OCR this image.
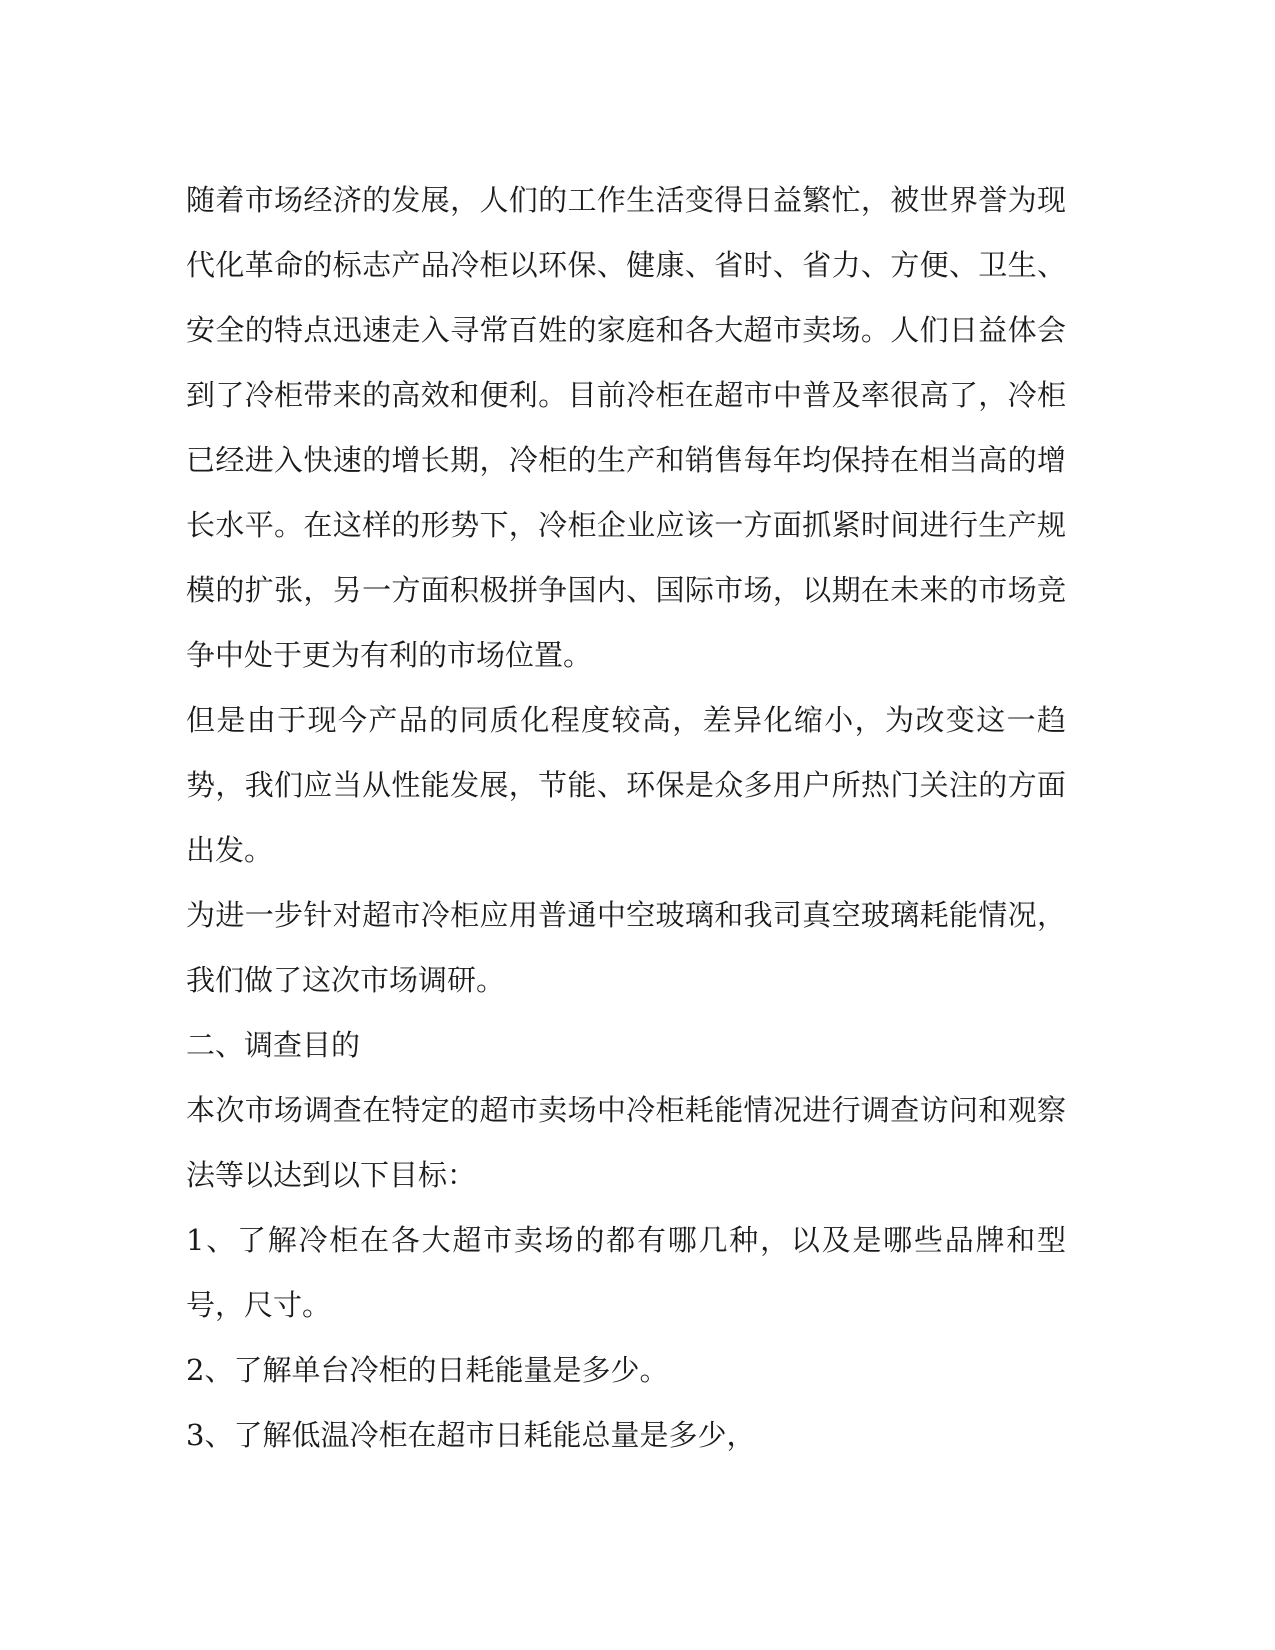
随着市场经济的发展，人们的工作生活变得日益繁忙，被世界誉为现代化革命的标志产品冷柜以环保、健康、省时、省力、方便、卫生、安全的特点迅速走入寻常百姓的家庭和各大超市卖场。人们日益体会到了冷柜带来的高效和便利。目前冷柜在超市中普及率很高了，冷柜已经进入快速的增长期，冷柜的生产和销售每年均保持在相当高的增长水平。在这样的形势下，冷柜企业应该一方面抓紧时间进行生产规模的扩张，另一方面积极拼争国内、国际市场，以期在未来的市场竞争中处于更为有利的市场位置。

但是由于现今产品的同质化程度较高，差异化缩小，为改变这一趋势，我们应当从性能发展，节能、环保是众多用户所热门关注的方面出发。

为进一步针对超市冷柜应用普通中空玻璃和我司真空玻璃耗能情况，我们做了这次市场调研。

二、调查目的

本次市场调查在特定的超市卖场中冷柜耗能情况进行调查访问和观察法等以达到以下目标：

1、了解冷柜在各大超市卖场的都有哪几种，以及是哪些品牌和型号，尺寸。

2、了解单台冷柜的日耗能量是多少。

3、了解低温冷柜在超市日耗能总量是多少，
